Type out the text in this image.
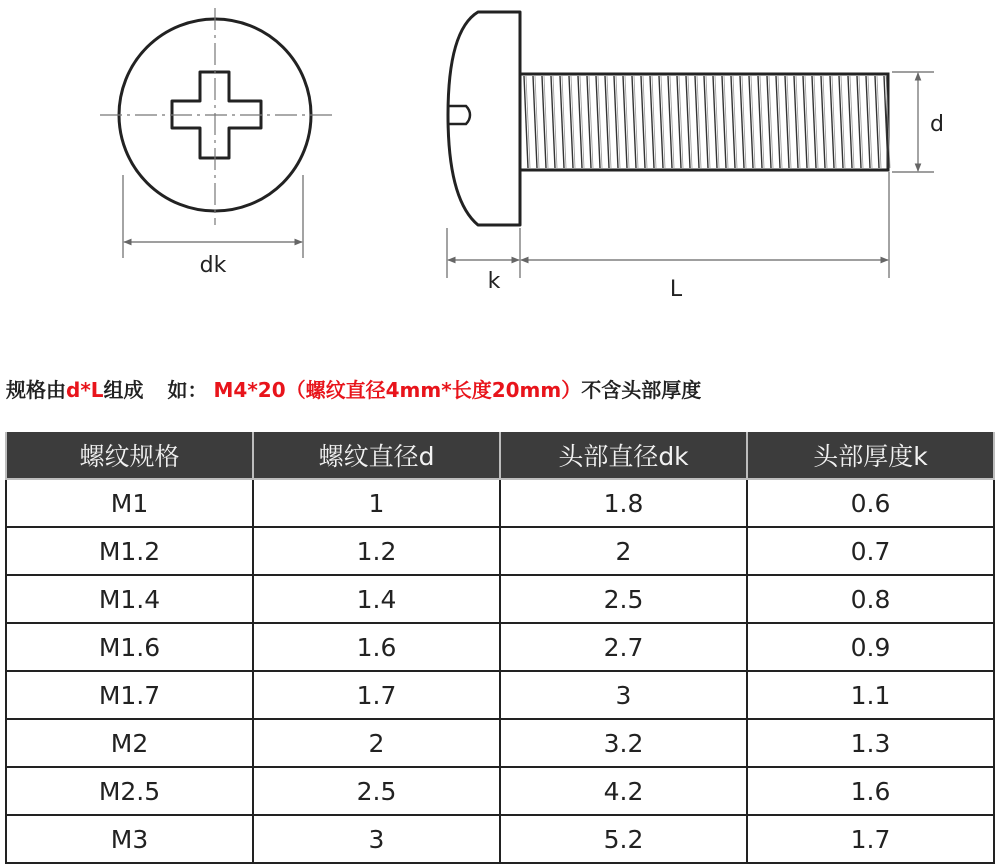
dk
k	L
d
规格由d*L组成 如： M4*20（螺纹直径4mm*长度20mm）不含头部厚度
螺纹规格	螺纹直径d	头部直径dk	头部厚度k
M1	1	1.8	0.6
M1.2	1.2	2	0.7
M1.4	1.4	2.5	0.8
M1.6	1.6	2.7	0.9
M1.7	1.7	3	1.1
M2	2	3.2	1.3
M2.5	2.5	4.2	1.6
M3	3	5.2	1.7
